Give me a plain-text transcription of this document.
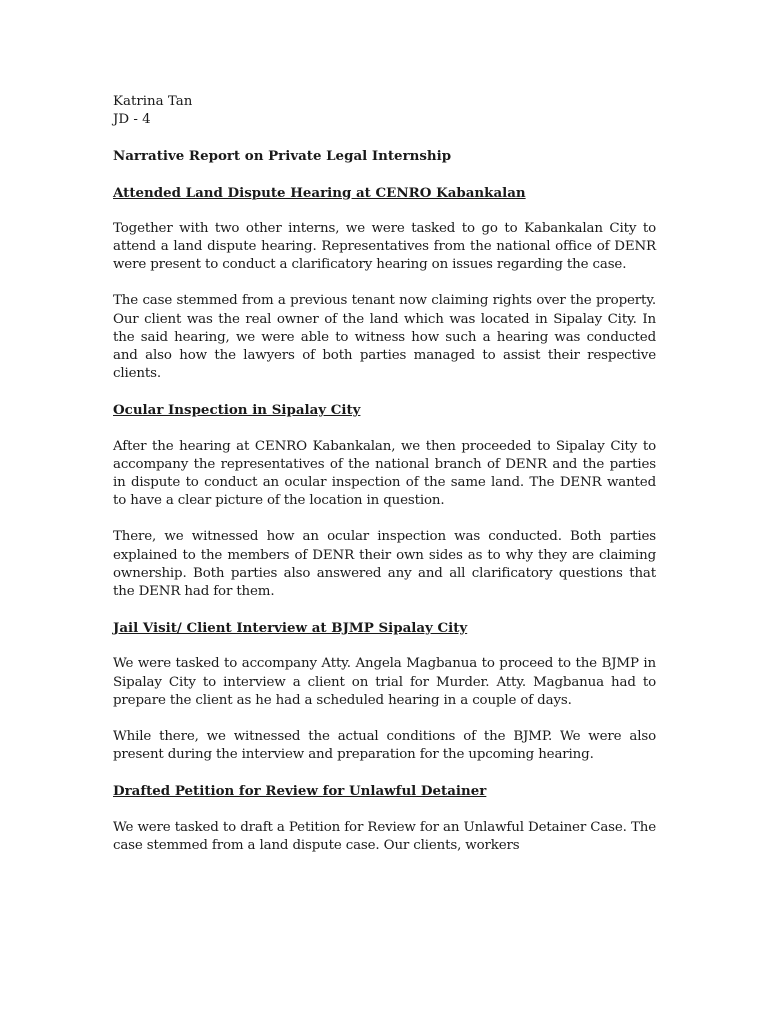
Katrina Tan
JD - 4
Narrative Report on Private Legal Internship
Attended Land Dispute Hearing at CENRO Kabankalan

Together with two other interns, we were tasked to go to Kabankalan City to attend a land dispute hearing. Representatives from the national office of DENR were present to conduct a clarificatory hearing on issues regarding the case.

The case stemmed from a previous tenant now claiming rights over the property. Our client was the real owner of the land which was located in Sipalay City. In the said hearing, we were able to witness how such a hearing was conducted and also how the lawyers of both parties managed to assist their respective clients.

Ocular Inspection in Sipalay City

After the hearing at CENRO Kabankalan, we then proceeded to Sipalay City to accompany the representatives of the national branch of DENR and the parties in dispute to conduct an ocular inspection of the same land. The DENR wanted to have a clear picture of the location in question.

There, we witnessed how an ocular inspection was conducted. Both parties explained to the members of DENR their own sides as to why they are claiming ownership. Both parties also answered any and all clarificatory questions that the DENR had for them.

Jail Visit/ Client Interview at BJMP Sipalay City

We were tasked to accompany Atty. Angela Magbanua to proceed to the BJMP in Sipalay City to interview a client on trial for Murder. Atty. Magbanua had to prepare the client as he had a scheduled hearing in a couple of days.

While there, we witnessed the actual conditions of the BJMP. We were also present during the interview and preparation for the upcoming hearing.

Drafted Petition for Review for Unlawful Detainer

We were tasked to draft a Petition for Review for an Unlawful Detainer Case. The case stemmed from a land dispute case. Our clients, workers
